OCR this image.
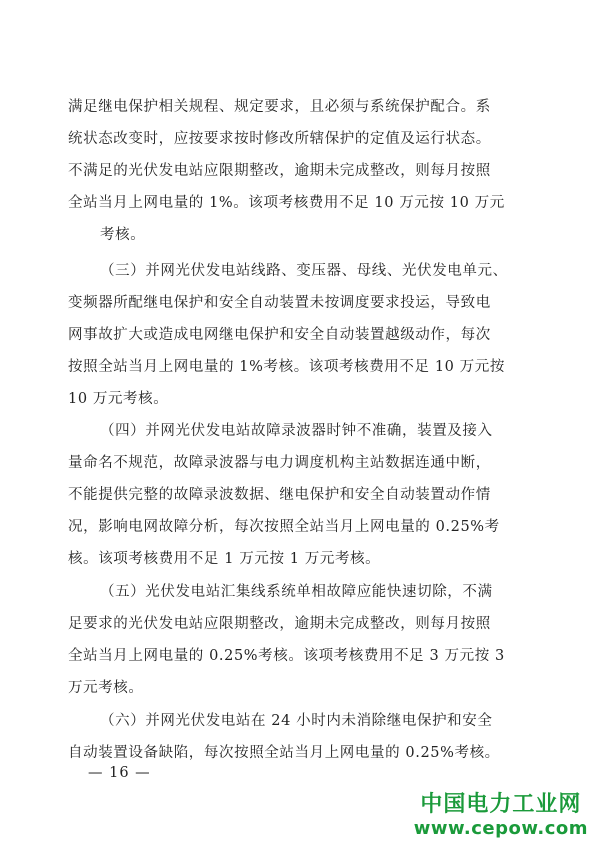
满足继电保护相关规程、规定要求，且必须与系统保护配合。系
统状态改变时，应按要求按时修改所辖保护的定值及运行状态。
不满足的光伏发电站应限期整改，逾期未完成整改，则每月按照
全站当月上网电量的 1%。该项考核费用不足 10 万元按 10 万元
考核。
（三）并网光伏发电站线路、变压器、母线、光伏发电单元、
变频器所配继电保护和安全自动装置未按调度要求投运，导致电
网事故扩大或造成电网继电保护和安全自动装置越级动作，每次
按照全站当月上网电量的 1%考核。该项考核费用不足 10 万元按
10 万元考核。
（四）并网光伏发电站故障录波器时钟不准确，装置及接入
量命名不规范，故障录波器与电力调度机构主站数据连通中断，
不能提供完整的故障录波数据、继电保护和安全自动装置动作情
况，影响电网故障分析，每次按照全站当月上网电量的 0.25%考
核。该项考核费用不足 1 万元按 1 万元考核。
（五）光伏发电站汇集线系统单相故障应能快速切除，不满
足要求的光伏发电站应限期整改，逾期未完成整改，则每月按照
全站当月上网电量的 0.25%考核。该项考核费用不足 3 万元按 3
万元考核。
（六）并网光伏发电站在 24 小时内未消除继电保护和安全
自动装置设备缺陷，每次按照全站当月上网电量的 0.25%考核。
— 16 —
中国电力工业网
www.cepow.com
